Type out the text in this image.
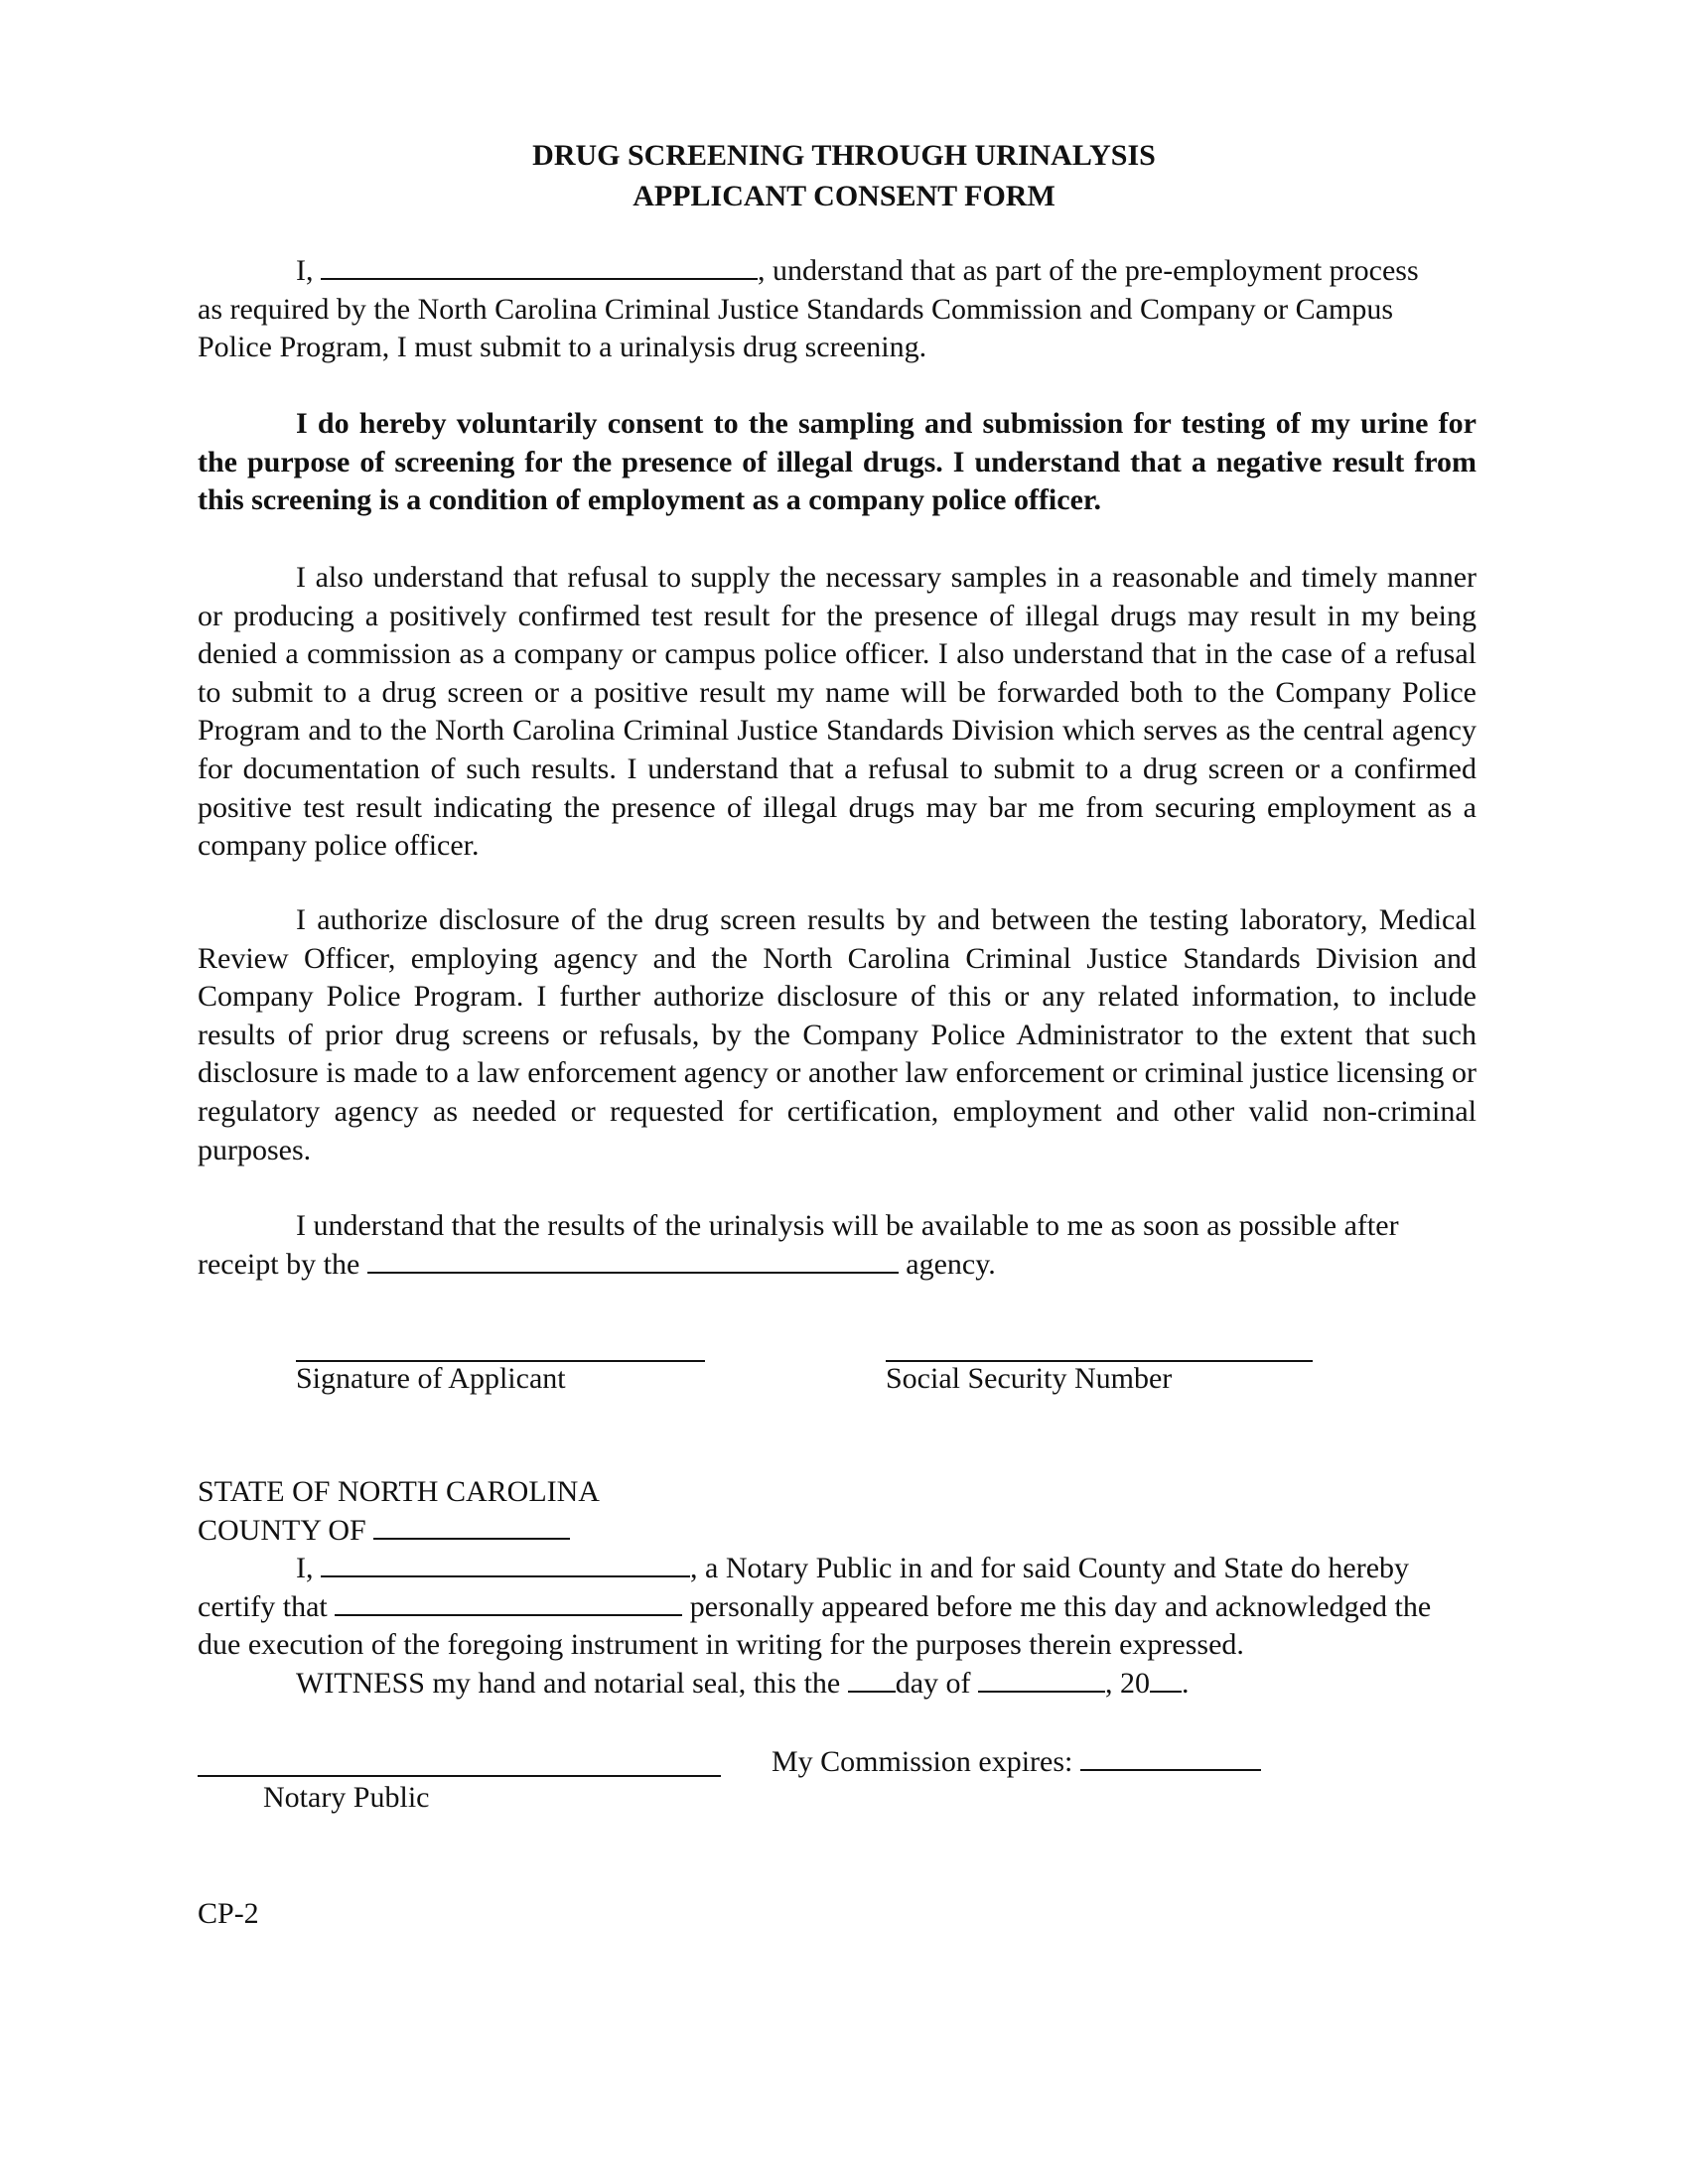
DRUG SCREENING THROUGH URINALYSIS
APPLICANT CONSENT FORM
I,	, understand that as part of the pre-employment process
as required by the North Carolina Criminal Justice Standards Commission and Company or Campus
Police Program, I must submit to a urinalysis drug screening.
I do hereby voluntarily consent to the sampling and submission for testing of my urine for the purpose of screening for the presence of illegal drugs. I understand that a negative result from this screening is a condition of employment as a company police officer.
I also understand that refusal to supply the necessary samples in a reasonable and timely manner or producing a positively confirmed test result for the presence of illegal drugs may result in my being denied a commission as a company or campus police officer. I also understand that in the case of a refusal to submit to a drug screen or a positive result my name will be forwarded both to the Company Police Program and to the North Carolina Criminal Justice Standards Division which serves as the central agency for documentation of such results. I understand that a refusal to submit to a drug screen or a confirmed positive test result indicating the presence of illegal drugs may bar me from securing employment as a company police officer.
I authorize disclosure of the drug screen results by and between the testing laboratory, Medical Review Officer, employing agency and the North Carolina Criminal Justice Standards Division and Company Police Program. I further authorize disclosure of this or any related information, to include results of prior drug screens or refusals, by the Company Police Administrator to the extent that such disclosure is made to a law enforcement agency or another law enforcement or criminal justice licensing or regulatory agency as needed or requested for certification, employment and other valid non-criminal purposes.
I understand that the results of the urinalysis will be available to me as soon as possible after
receipt by the	agency.
Signature of Applicant	Social Security Number
STATE OF NORTH CAROLINA
COUNTY OF
I,	, a Notary Public in and for said County and State do hereby
certify that	personally appeared before me this day and acknowledged the
due execution of the foregoing instrument in writing for the purposes therein expressed.
WITNESS my hand and notarial seal, this the day of	, 20 .
My Commission expires:
Notary Public
CP-2
